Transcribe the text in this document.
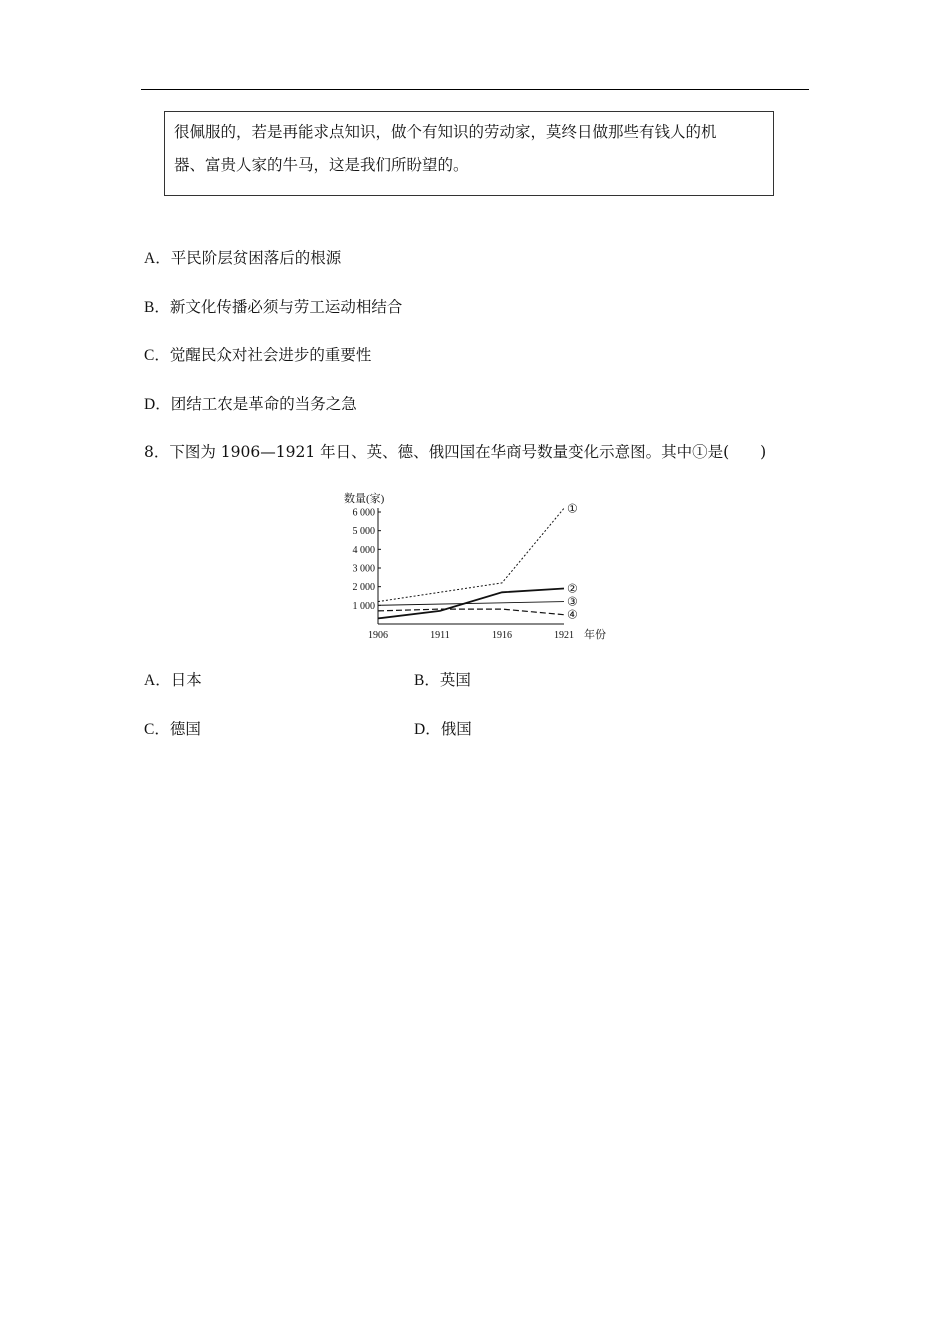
很佩服的，若是再能求点知识，做个有知识的劳动家，莫终日做那些有钱人的机
器、富贵人家的牛马，这是我们所盼望的。
A．平民阶层贫困落后的根源
B．新文化传播必须与劳工运动相结合
C．觉醒民众对社会进步的重要性
D．团结工农是革命的当务之急
8．下图为 1906—1921 年日、英、德、俄四国在华商号数量变化示意图。其中①是(　　)
1 000
2 000
3 000
4 000
5 000
6 000
数量(家)
1906	1911	1916	1921 年份
①
②
③
④
A．日本	B．英国
C．德国	D．俄国
